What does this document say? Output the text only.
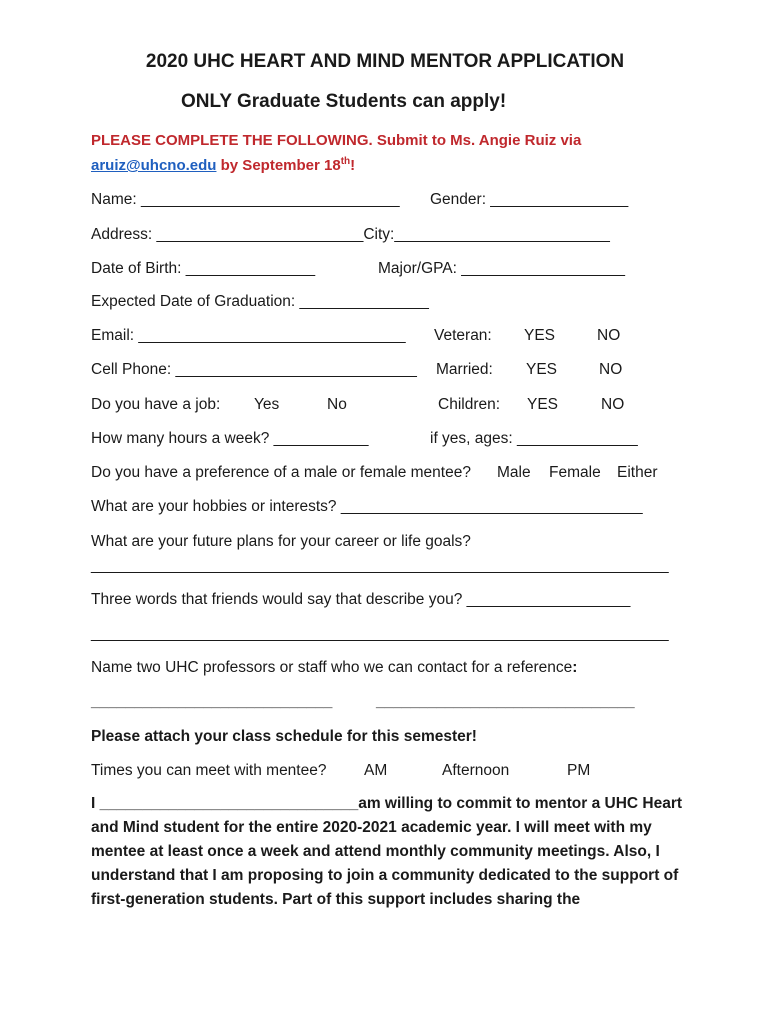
2020 UHC HEART AND MIND MENTOR APPLICATION
ONLY Graduate Students can apply!
PLEASE COMPLETE THE FOLLOWING. Submit to Ms. Angie Ruiz via
aruiz@uhcno.edu by September 18th!
Name: ______________________________ Gender: ________________
Address: ________________________City:_________________________
Date of Birth: _______________	Major/GPA: ___________________
Expected Date of Graduation: _______________
Email: _______________________________ Veteran: YES	NO
Cell Phone: ____________________________ Married: YES	NO
Do you have a job: Yes	No	Children: YES	NO
How many hours a week? ___________	if yes, ages: ______________
Do you have a preference of a male or female mentee? Male Female Either
What are your hobbies or interests? ___________________________________
What are your future plans for your career or life goals?
___________________________________________________________________
Three words that friends would say that describe you? ___________________
___________________________________________________________________
Name two UHC professors or staff who we can contact for a reference:
____________________________	______________________________
Please attach your class schedule for this semester!
Times you can meet with mentee? AM	Afternoon	PM
I ______________________________am willing to commit to mentor a UHC Heart and Mind student for the entire 2020-2021 academic year. I will meet with my mentee at least once a week and attend monthly community meetings. Also, I understand that I am proposing to join a community dedicated to the support of first-generation students. Part of this support includes sharing the
